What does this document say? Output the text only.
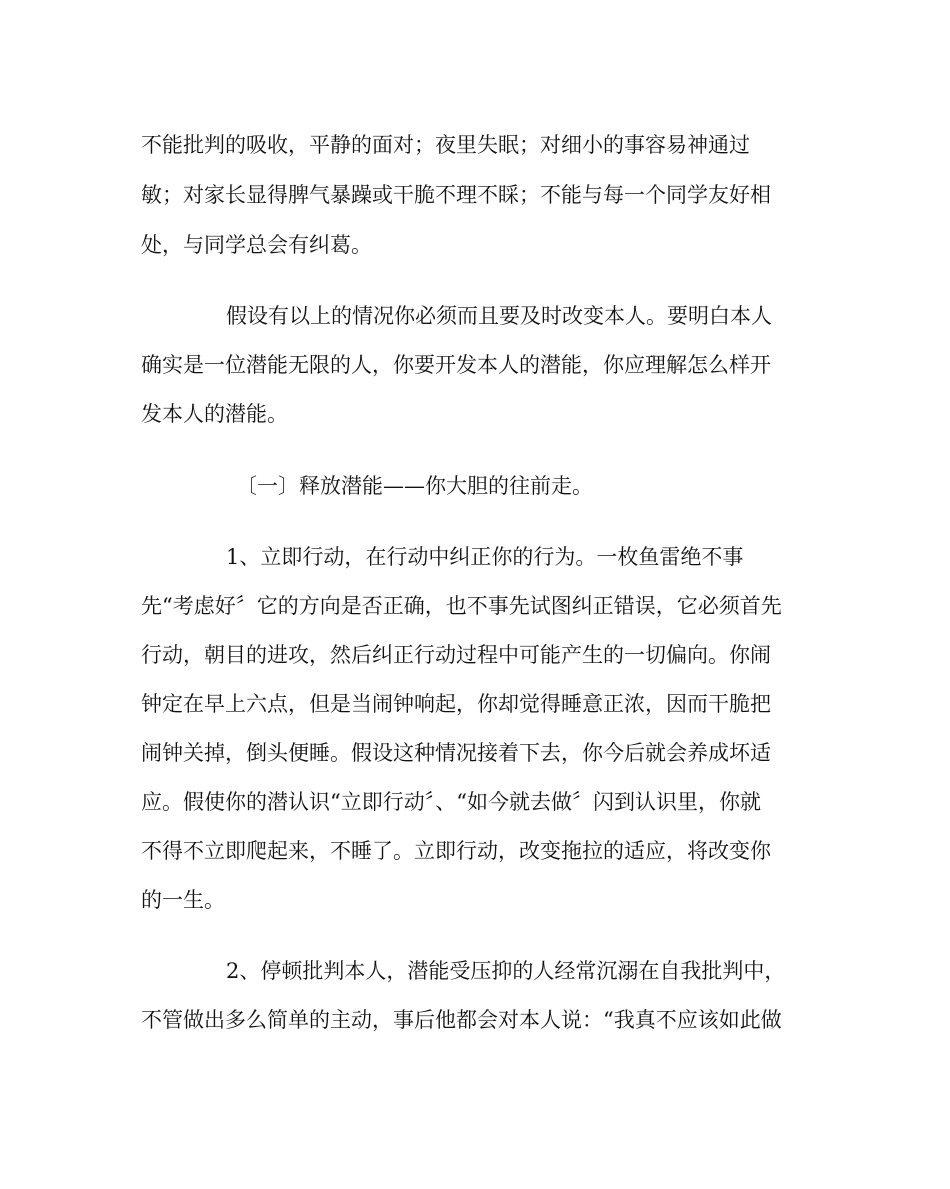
不能批判的吸收，平静的面对；夜里失眠；对细小的事容易神通过
敏；对家长显得脾气暴躁或干脆不理不睬；不能与每一个同学友好相
处，与同学总会有纠葛。
假设有以上的情况你必须而且要及时改变本人。要明白本人
确实是一位潜能无限的人，你要开发本人的潜能，你应理解怎么样开
发本人的潜能。
〔一〕释放潜能——你大胆的往前走。
1、立即行动，在行动中纠正你的行为。一枚鱼雷绝不事
先“考虑好〞它的方向是否正确，也不事先试图纠正错误，它必须首先
行动，朝目的进攻，然后纠正行动过程中可能产生的一切偏向。你闹
钟定在早上六点，但是当闹钟响起，你却觉得睡意正浓，因而干脆把
闹钟关掉，倒头便睡。假设这种情况接着下去，你今后就会养成坏适
应。假使你的潜认识“立即行动〞、“如今就去做〞闪到认识里，你就
不得不立即爬起来，不睡了。立即行动，改变拖拉的适应，将改变你
的一生。
2、停顿批判本人，潜能受压抑的人经常沉溺在自我批判中，
不管做出多么简单的主动，事后他都会对本人说：“我真不应该如此做
